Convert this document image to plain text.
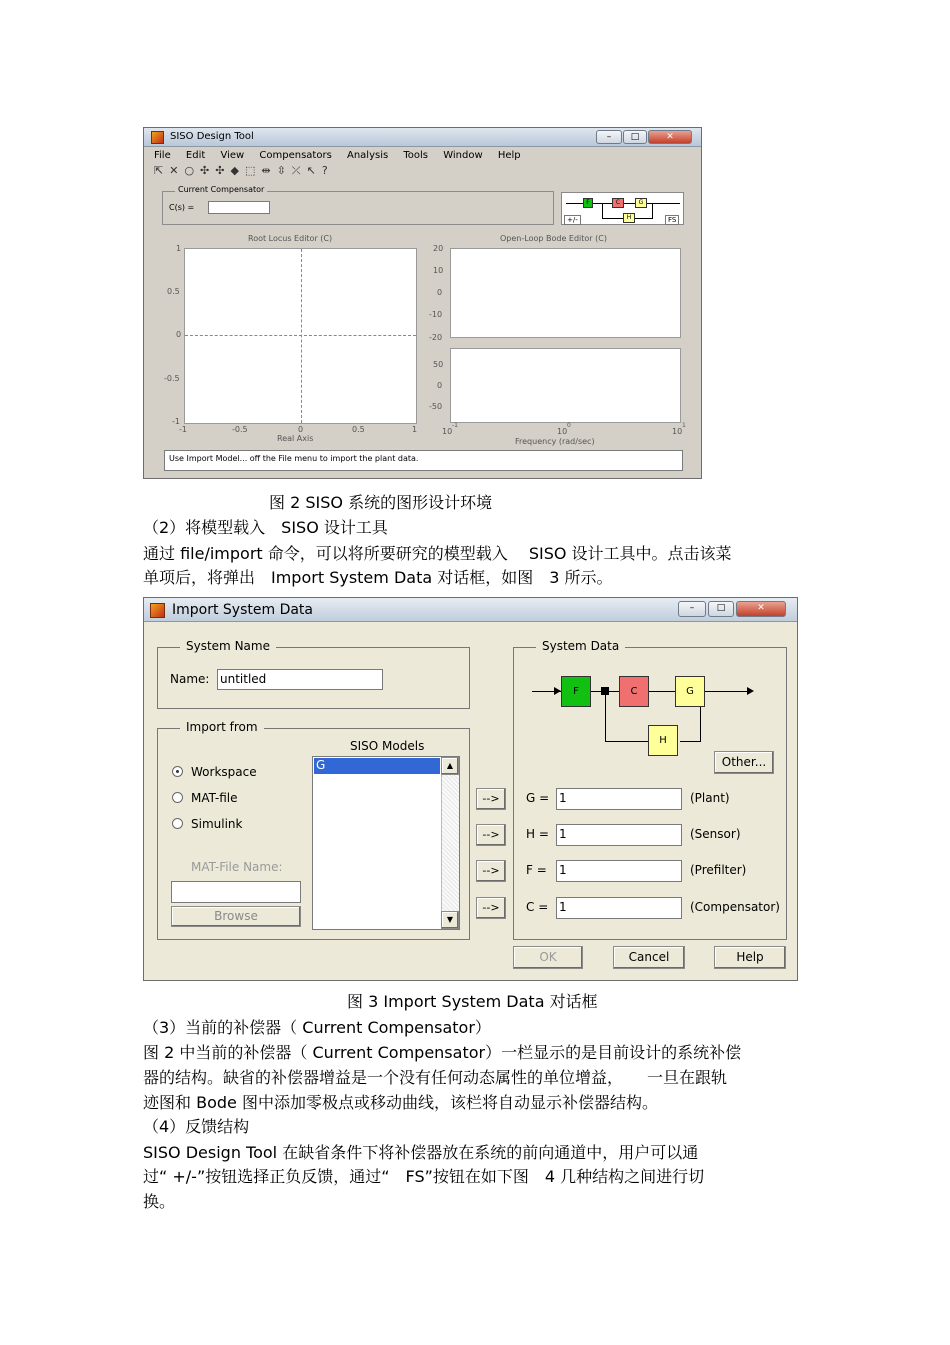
SISO Design Tool	–	□	✕
File Edit View Compensators Analysis Tools Window Help
⇱✕○✣✣◆⬚⇹⇳⤫↖?
Current Compensator
C(s) =
F	C	G
H
+/-	FS
Root Locus Editor (C)	Open-Loop Bode Editor (C)
1
0.5
0
-0.5
-1
-1	-0.5	0	0.5	1
Real Axis
20
10
0
-10
-20
50
0
-50
10
-1
10
0
10
1
Frequency (rad/sec)
Use Import Model... off the File menu to import the plant data.
图 2 SISO 系统的图形设计环境
（2）将模型载入　SISO 设计工具
通过 file/import 命令，可以将所要研究的模型载入　 SISO 设计工具中。点击该菜
单项后，将弹出　Import System Data 对话框，如图　3 所示。
Import System Data	–	□	✕
System Name
Name: untitled
Import from
SISO Models
Workspace
MAT-file
Simulink
MAT-File Name:
Browse
G	▲
▼
-->
-->
-->
-->
System Data
F	C	G
H
Other...
G = 1	(Plant)
H = 1	(Sensor)
F = 1	(Prefilter)
C = 1	(Compensator)
OK	Cancel	Help
图 3 Import System Data 对话框
（3）当前的补偿器（ Current Compensator）
图 2 中当前的补偿器（ Current Compensator）一栏显示的是目前设计的系统补偿
器的结构。缺省的补偿器增益是一个没有任何动态属性的单位增益，　　一旦在跟轨
迹图和 Bode 图中添加零极点或移动曲线，该栏将自动显示补偿器结构。
（4）反馈结构
SISO Design Tool 在缺省条件下将补偿器放在系统的前向通道中，用户可以通
过“ +/-”按钮选择正负反馈，通过“　FS”按钮在如下图　4 几种结构之间进行切
换。
